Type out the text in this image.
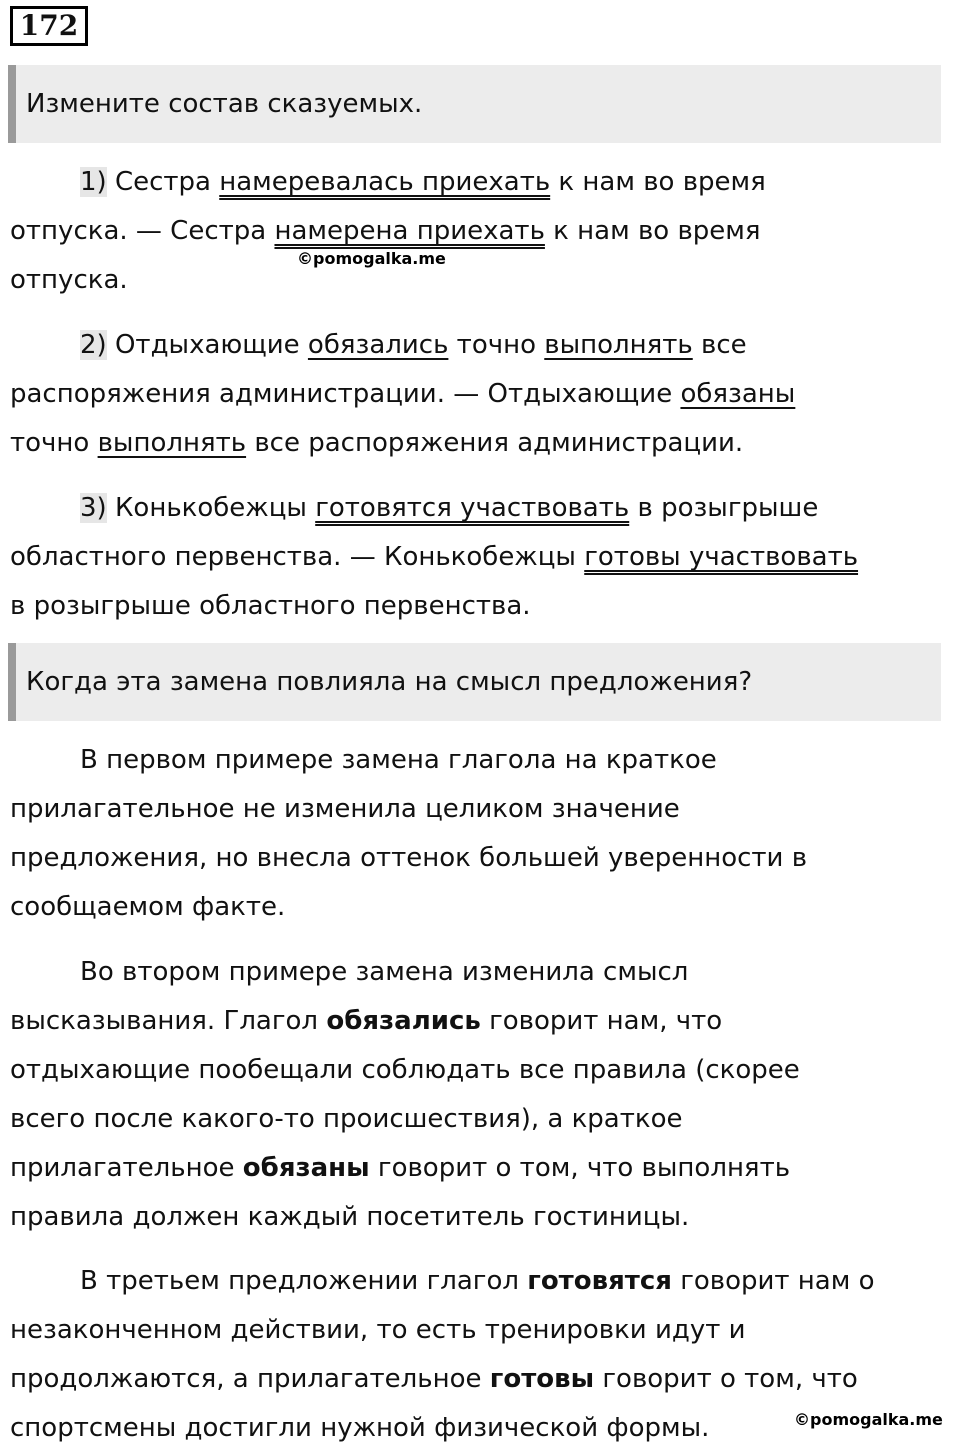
172
Измените состав сказуемых.
1) Сестра намеревалась приехать к нам во время
отпуска. — Сестра намерена приехать к нам во время
отпуска.
©pomogalka.me
2) Отдыхающие обязались точно выполнять все
распоряжения администрации. — Отдыхающие обязаны
точно выполнять все распоряжения администрации.
3) Конькобежцы готовятся участвовать в розыгрыше
областного первенства. — Конькобежцы готовы участвовать
в розыгрыше областного первенства.
Когда эта замена повлияла на смысл предложения?
В первом примере замена глагола на краткое
прилагательное не изменила целиком значение
предложения, но внесла оттенок большей уверенности в
сообщаемом факте.
Во втором примере замена изменила смысл
высказывания. Глагол обязались говорит нам, что
отдыхающие пообещали соблюдать все правила (скорее
всего после какого-то происшествия), а краткое
прилагательное обязаны говорит о том, что выполнять
правила должен каждый посетитель гостиницы.
В третьем предложении глагол готовятся говорит нам о
незаконченном действии, то есть тренировки идут и
продолжаются, а прилагательное готовы говорит о том, что
спортсмены достигли нужной физической формы.	©pomogalka.me
